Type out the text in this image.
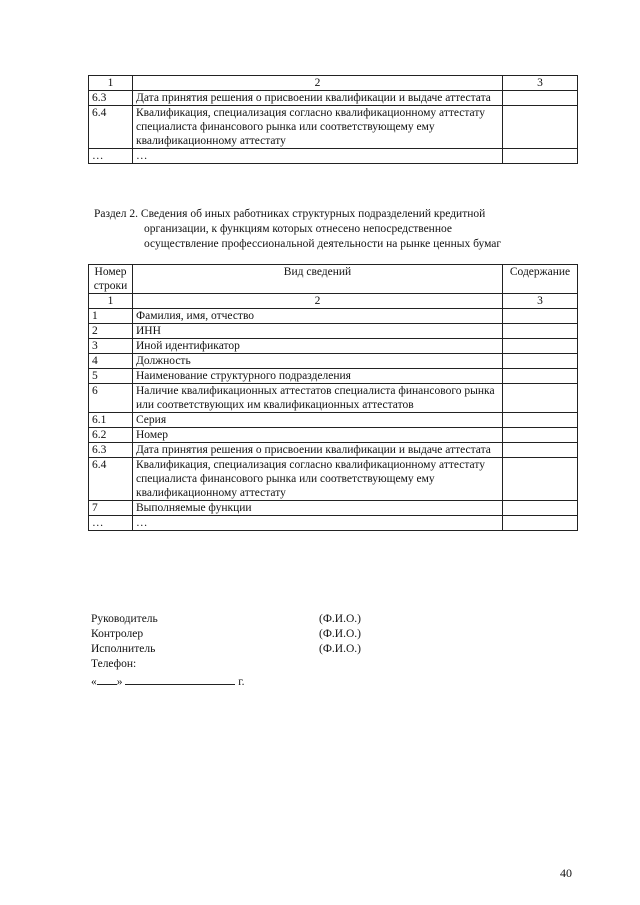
1	2	3
6.3	Дата принятия решения о присвоении квалификации и выдаче аттестата	
6.4	Квалификация, специализация согласно квалификационному аттестату специалиста финансового рынка или соответствующему ему квалификационному аттестату	
…	…	

Раздел 2. Сведения об иных работниках структурных подразделений кредитной
организации, к функциям которых отнесено непосредственное
осуществление профессиональной деятельности на рынке ценных бумаг

Номер строки	Вид сведений	Содержание
1	2	3
1	Фамилия, имя, отчество	
2	ИНН	
3	Иной идентификатор	
4	Должность	
5	Наименование структурного подразделения	
6	Наличие квалификационных аттестатов специалиста финансового рынка или соответствующих им квалификационных аттестатов	
6.1	Серия	
6.2	Номер	
6.3	Дата принятия решения о присвоении квалификации и выдаче аттестата	
6.4	Квалификация, специализация согласно квалификационному аттестату специалиста финансового рынка или соответствующему ему квалификационному аттестату	
7	Выполняемые функции	
…	…	
Руководитель	(Ф.И.О.)
Контролер	(Ф.И.О.)
Исполнитель	(Ф.И.О.)
Телефон:
« »	г.
40
